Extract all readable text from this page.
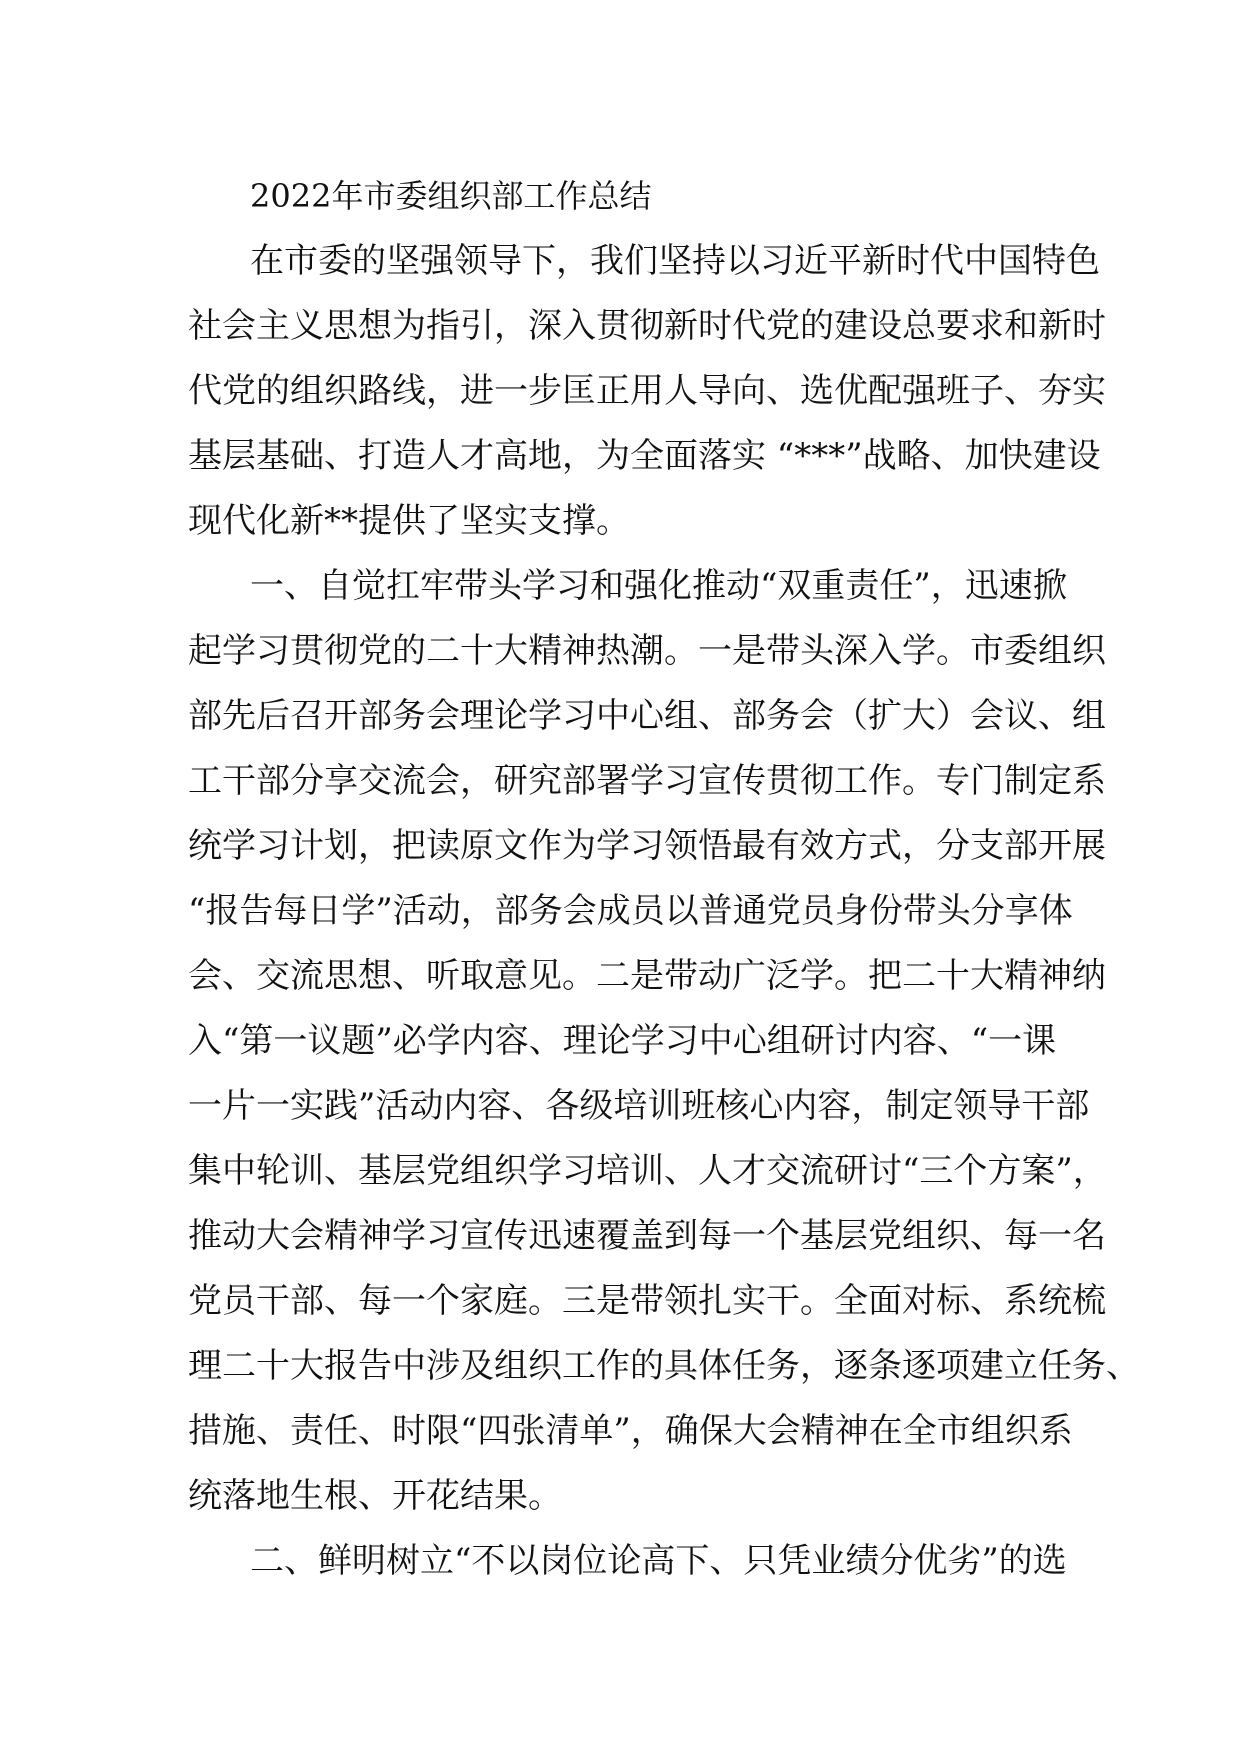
2022年市委组织部工作总结
在市委的坚强领导下，我们坚持以习近平新时代中国特色
社会主义思想为指引，深入贯彻新时代党的建设总要求和新时
代党的组织路线，进一步匡正用人导向、选优配强班子、夯实
基层基础、打造人才高地，为全面落实 “***”战略、加快建设
现代化新**提供了坚实支撑。
一、自觉扛牢带头学习和强化推动“双重责任”，迅速掀
起学习贯彻党的二十大精神热潮。一是带头深入学。市委组织
部先后召开部务会理论学习中心组、部务会（扩大）会议、组
工干部分享交流会，研究部署学习宣传贯彻工作。专门制定系
统学习计划，把读原文作为学习领悟最有效方式，分支部开展
“报告每日学”活动，部务会成员以普通党员身份带头分享体
会、交流思想、听取意见。二是带动广泛学。把二十大精神纳
入“第一议题”必学内容、理论学习中心组研讨内容、“一课
一片一实践”活动内容、各级培训班核心内容，制定领导干部
集中轮训、基层党组织学习培训、人才交流研讨“三个方案”，
推动大会精神学习宣传迅速覆盖到每一个基层党组织、每一名
党员干部、每一个家庭。三是带领扎实干。全面对标、系统梳
理二十大报告中涉及组织工作的具体任务，逐条逐项建立任务、
措施、责任、时限“四张清单”，确保大会精神在全市组织系
统落地生根、开花结果。
二、鲜明树立“不以岗位论高下、只凭业绩分优劣”的选
